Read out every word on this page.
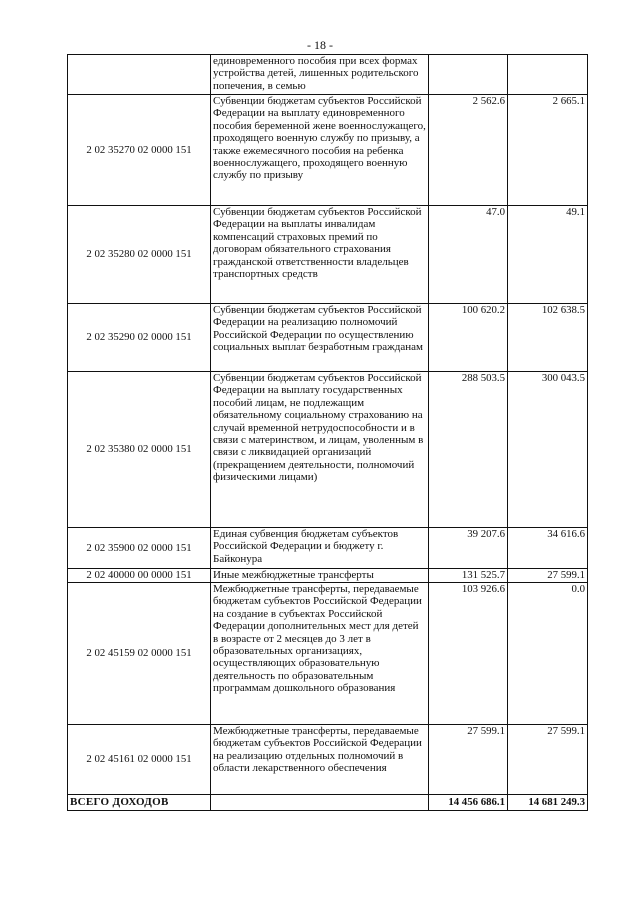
- 18 -
	единовременного пособия при всех формах устройства детей, лишенных родительского попечения, в семью		
2 02 35270 02 0000 151	Субвенции бюджетам субъектов Российской Федерации на выплату единовременного пособия беременной жене военнослужащего, проходящего военную службу по призыву, а также ежемесячного пособия на ребенка военнослужащего, проходящего военную службу по призыву	2 562.6	2 665.1
2 02 35280 02 0000 151	Субвенции бюджетам субъектов Российской Федерации на выплаты инвалидам компенсаций страховых премий по договорам обязательного страхования гражданской ответственности владельцев транспортных средств	47.0	49.1
2 02 35290 02 0000 151	Субвенции бюджетам субъектов Российской Федерации на реализацию полномочий Российской Федерации по осуществлению социальных выплат безработным гражданам	100 620.2	102 638.5
2 02 35380 02 0000 151	Субвенции бюджетам субъектов Российской Федерации на выплату государственных пособий лицам, не подлежащим обязательному социальному страхованию на случай временной нетрудоспособности и в связи с материнством, и лицам, уволенным в связи с ликвидацией организаций (прекращением деятельности, полномочий физическими лицами)	288 503.5	300 043.5
2 02 35900 02 0000 151	Единая субвенция бюджетам субъектов Российской Федерации и бюджету г. Байконура	39 207.6	34 616.6
2 02 40000 00 0000 151	Иные межбюджетные трансферты	131 525.7	27 599.1
2 02 45159 02 0000 151	Межбюджетные трансферты, передаваемые бюджетам субъектов Российской Федерации на создание в субъектах Российской Федерации дополнительных мест для детей в возрасте от 2 месяцев до 3 лет в образовательных организациях, осуществляющих образовательную деятельность по образовательным программам дошкольного образования	103 926.6	0.0
2 02 45161 02 0000 151	Межбюджетные трансферты, передаваемые бюджетам субъектов Российской Федерации на реализацию отдельных полномочий в области лекарственного обеспечения	27 599.1	27 599.1
ВСЕГО ДОХОДОВ		14 456 686.1	14 681 249.3
